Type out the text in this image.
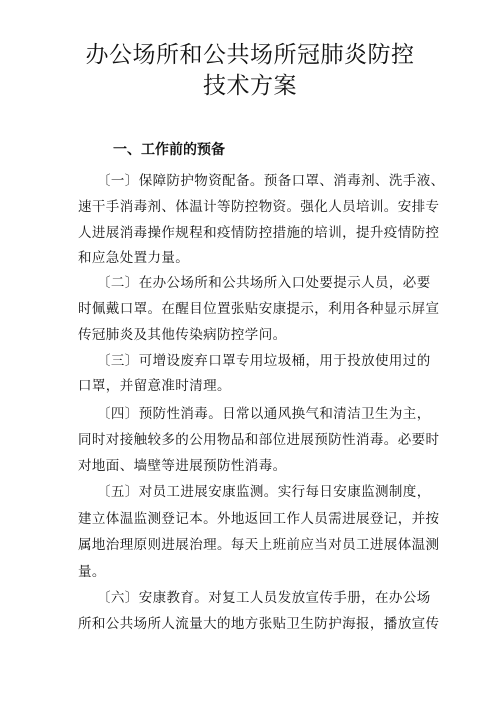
办公场所和公共场所冠肺炎防控
技术方案
一、工作前的预备
〔一〕保障防护物资配备。预备口罩、消毒剂、洗手液、
速干手消毒剂、体温计等防控物资。强化人员培训。安排专
人进展消毒操作规程和疫情防控措施的培训，提升疫情防控
和应急处置力量。
〔二〕在办公场所和公共场所入口处要提示人员，必要
时佩戴口罩。在醒目位置张贴安康提示，利用各种显示屏宣
传冠肺炎及其他传染病防控学问。
〔三〕可增设废弃口罩专用垃圾桶，用于投放使用过的
口罩，并留意准时清理。
〔四〕预防性消毒。日常以通风换气和清洁卫生为主，
同时对接触较多的公用物品和部位进展预防性消毒。必要时
对地面、墙壁等进展预防性消毒。
〔五〕对员工进展安康监测。实行每日安康监测制度，
建立体温监测登记本。外地返回工作人员需进展登记，并按
属地治理原则进展治理。每天上班前应当对员工进展体温测
量。
〔六〕安康教育。对复工人员发放宣传手册，在办公场
所和公共场所人流量大的地方张贴卫生防护海报，播放宣传
